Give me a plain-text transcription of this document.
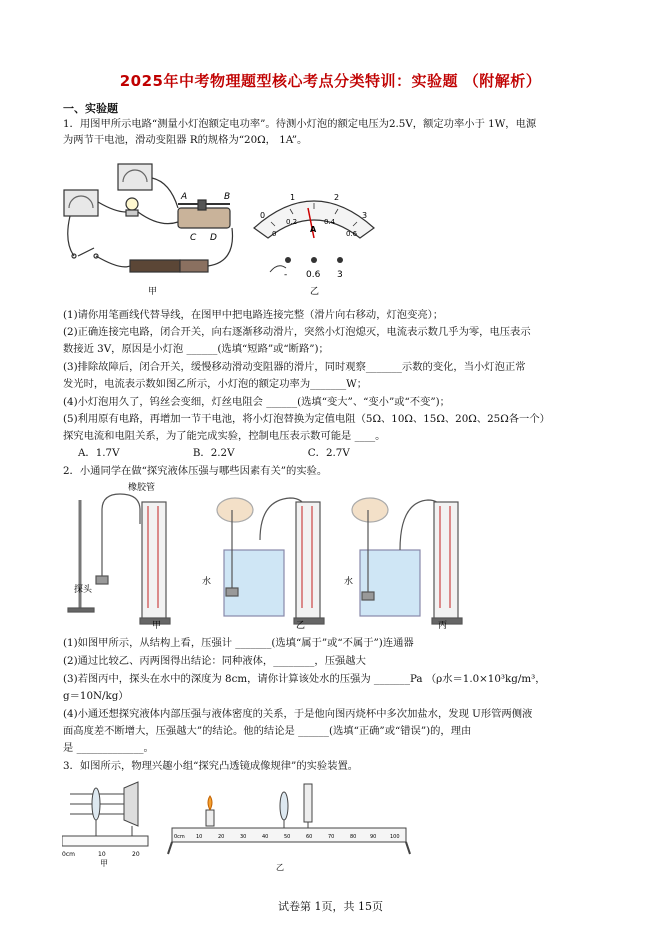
2025年中考物理题型核心考点分类特训：实验题 （附解析）
一、实验题
1．用图甲所示电路“测量小灯泡额定电功率”。待测小灯泡的额定电压为2.5V，额定功率小于 1W，电源
为两节干电池，滑动变阻器 R的规格为“20Ω， 1A”。
A	B
C D
甲
0
1	2
3
0
0.2	0.4
0.6
A
- 0.6 3
乙
(1)请你用笔画线代替导线，在图甲中把电路连接完整（滑片向右移动，灯泡变亮）；
(2)正确连接完电路，闭合开关，向右逐渐移动滑片，突然小灯泡熄灭，电流表示数几乎为零，电压表示
数接近 3V，原因是小灯泡 ______(选填“短路”或“断路”)；
(3)排除故障后，闭合开关，缓慢移动滑动变阻器的滑片，同时观察_______示数的变化，当小灯泡正常
发光时，电流表示数如图乙所示，小灯泡的额定功率为_______W；
(4)小灯泡用久了，钨丝会变细，灯丝电阻会 ______(选填“变大”、“变小”或“不变”)；
(5)利用原有电路，再增加一节干电池，将小灯泡替换为定值电阻（5Ω、10Ω、15Ω、20Ω、25Ω各一个）
探究电流和电阻关系，为了能完成实验，控制电压表示数可能是 ____。
A．1.7V	B．2.2V	C．2.7V
2．小通同学在做“探究液体压强与哪些因素有关”的实验。
橡胶管
探头
甲
水
乙
水
丙
(1)如图甲所示，从结构上看，压强计 _______(选填“属于”或“不属于”)连通器
(2)通过比较乙、丙两图得出结论：同种液体，________，压强越大
(3)若图丙中，探头在水中的深度为 8cm，请你计算该处水的压强为 _______Pa （ρ水＝1.0×10³kg/m³，
g＝10N/kg）
(4)小通还想探究液体内部压强与液体密度的关系，于是他向图丙烧杯中多次加盐水，发现 U形管两侧液
面高度差不断增大，压强越大”的结论。他的结论是 ______(选填“正确”或“错误”)的，理由
是 _____________。
3．如图所示，物理兴趣小组“探究凸透镜成像规律”的实验装置。
0cm	10	20
甲
0cm 10	20	30	40	50	60	70	80	90	100
乙
试卷第 1页，共 15页
